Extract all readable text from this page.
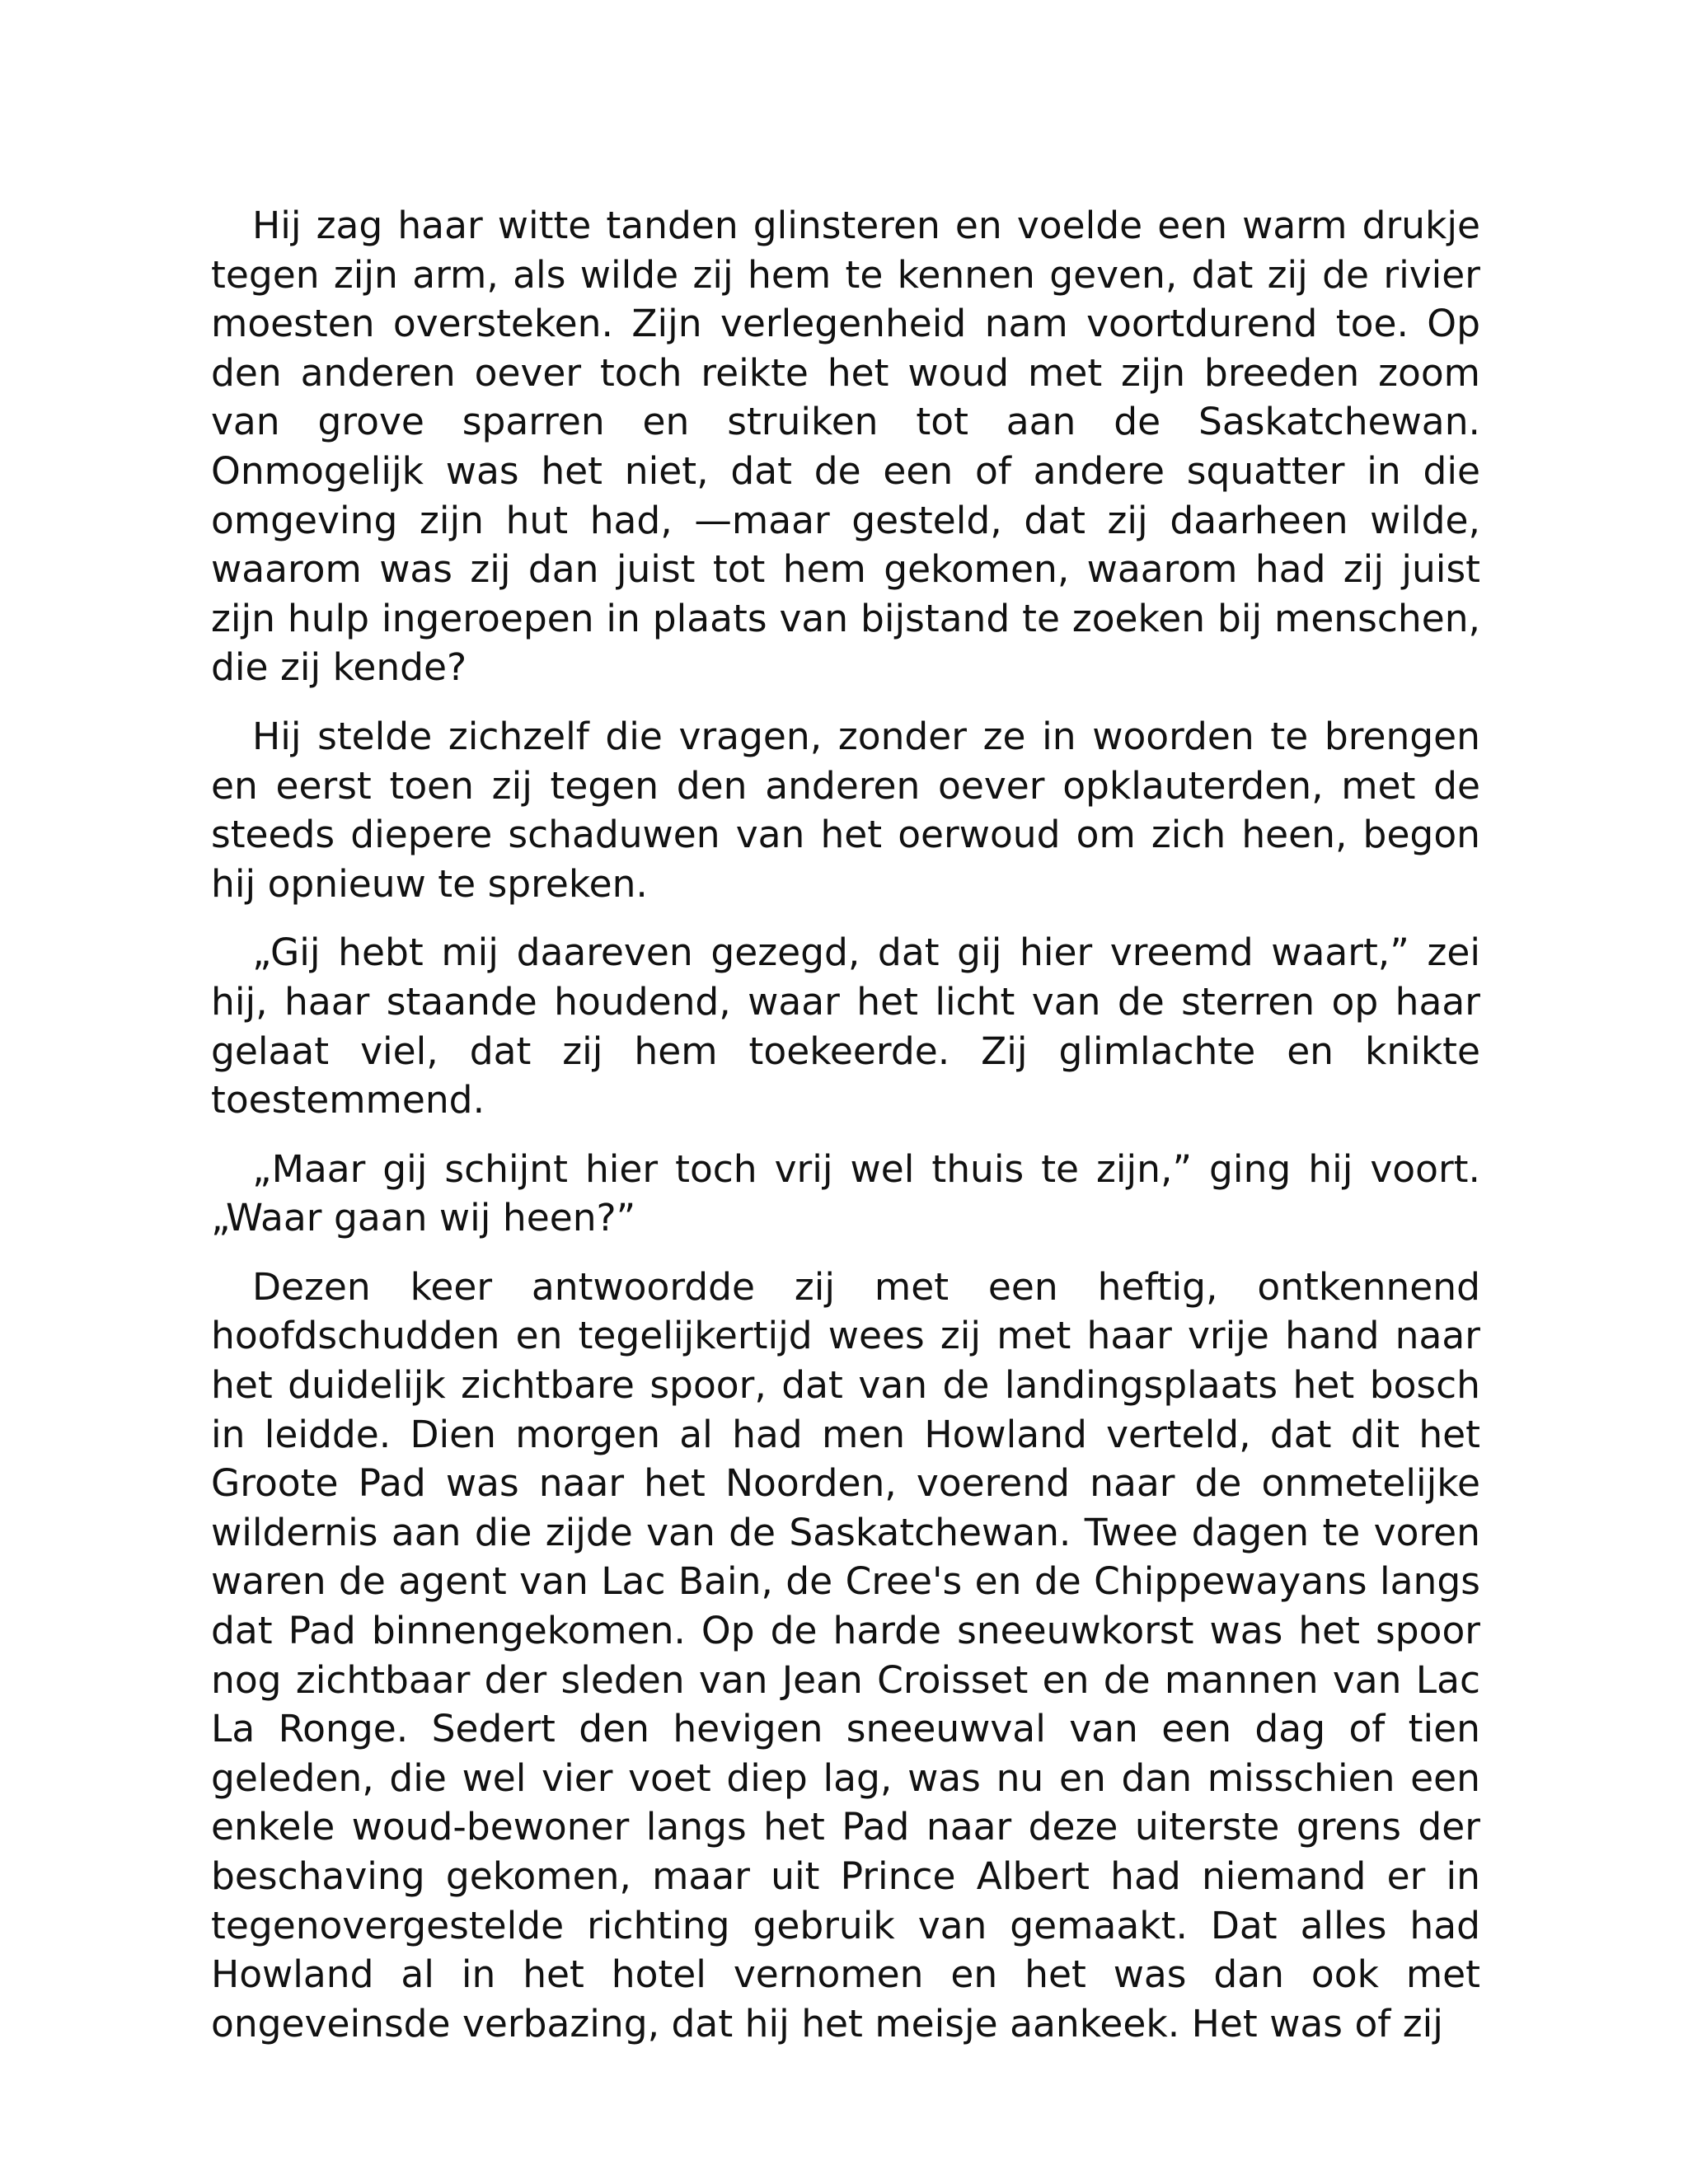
Hij zag haar witte tanden glinsteren en voelde een warm drukje tegen zijn arm, als wilde zij hem te kennen geven, dat zij de rivier moesten oversteken. Zijn verlegenheid nam voortdurend toe. Op den anderen oever toch reikte het woud met zijn breeden zoom van grove sparren en struiken tot aan de Saskatchewan. Onmogelijk was het niet, dat de een of andere squatter in die omgeving zijn hut had, —maar gesteld, dat zij daarheen wilde, waarom was zij dan juist tot hem gekomen, waarom had zij juist zijn hulp ingeroepen in plaats van bijstand te zoeken bij menschen, die zij kende?

Hij stelde zichzelf die vragen, zonder ze in woorden te brengen en eerst toen zij tegen den anderen oever opklauterden, met de steeds diepere schaduwen van het oerwoud om zich heen, begon hij opnieuw te spreken.

„Gij hebt mij daareven gezegd, dat gij hier vreemd waart,” zei hij, haar staande houdend, waar het licht van de sterren op haar gelaat viel, dat zij hem toekeerde. Zij glimlachte en knikte toestemmend.

„Maar gij schijnt hier toch vrij wel thuis te zijn,” ging hij voort. „Waar gaan wij heen?”

Dezen keer antwoordde zij met een heftig, ontkennend hoofdschudden en tegelijkertijd wees zij met haar vrije hand naar het duidelijk zichtbare spoor, dat van de landingsplaats het bosch in leidde. Dien morgen al had men Howland verteld, dat dit het Groote Pad was naar het Noorden, voerend naar de onmetelijke wildernis aan die zijde van de Saskatchewan. Twee dagen te voren waren de agent van Lac Bain, de Cree's en de Chippewayans langs dat Pad binnengekomen. Op de harde sneeuwkorst was het spoor nog zichtbaar der sleden van Jean Croisset en de mannen van Lac La Ronge. Sedert den hevigen sneeuwval van een dag of tien geleden, die wel vier voet diep lag, was nu en dan misschien een enkele woud-bewoner langs het Pad naar deze uiterste grens der beschaving gekomen, maar uit Prince Albert had niemand er in tegenovergestelde richting gebruik van gemaakt. Dat alles had Howland al in het hotel vernomen en het was dan ook met ongeveinsde verbazing, dat hij het meisje aankeek. Het was of zij
